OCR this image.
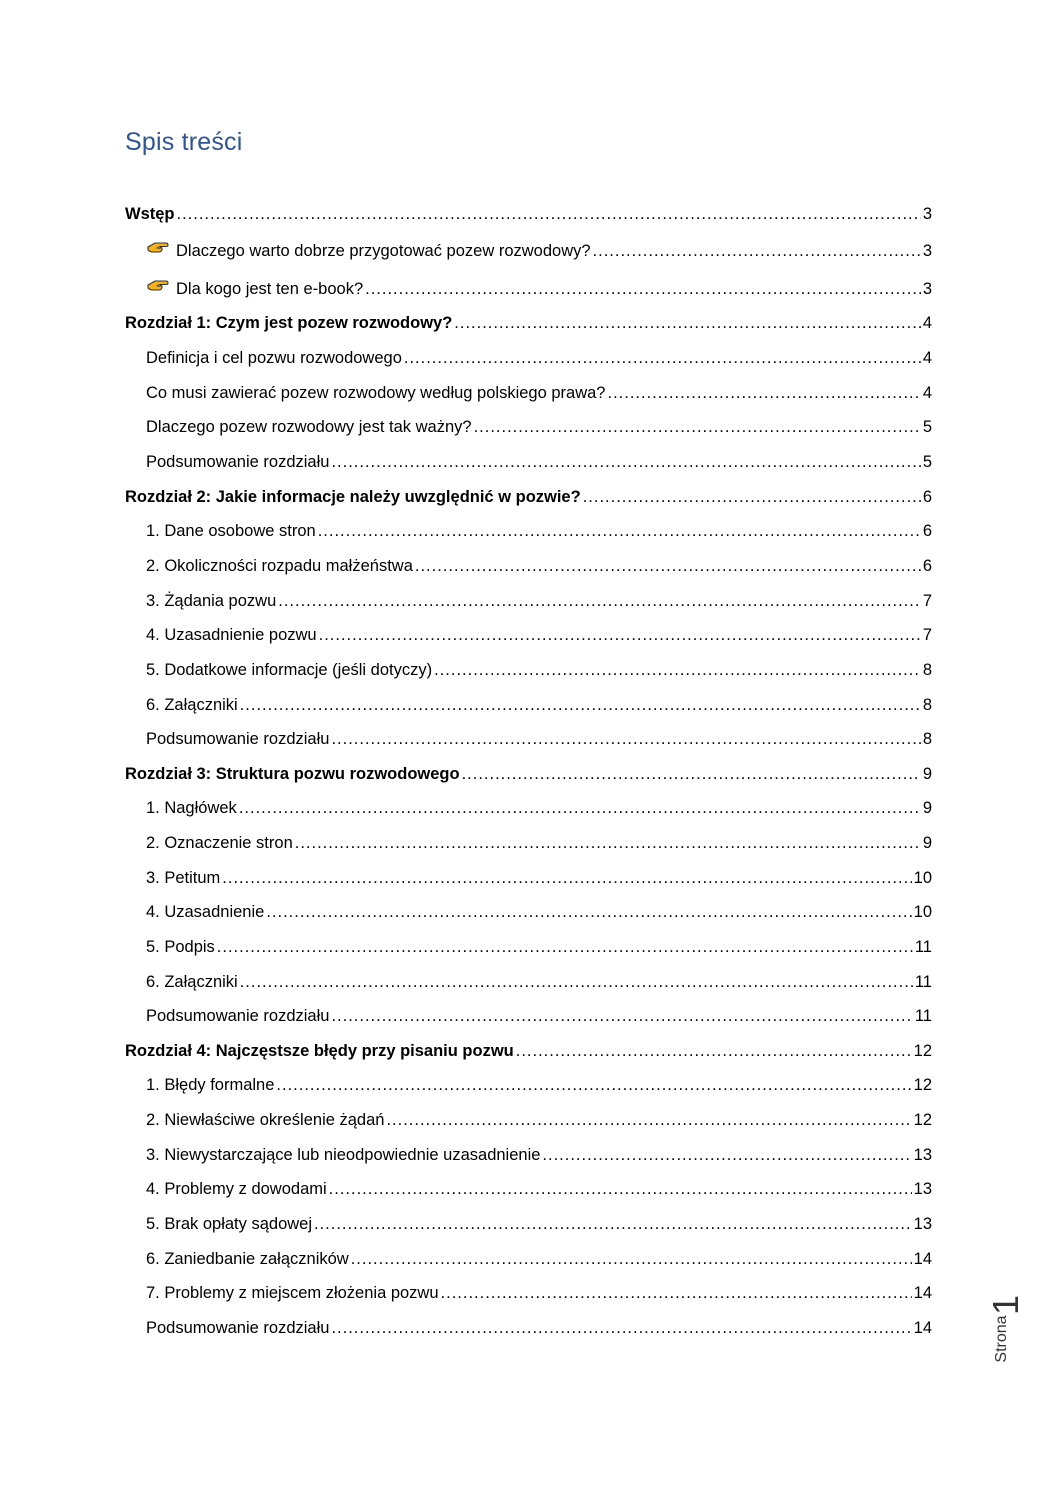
Spis treści
Wstęp .....	3
Dlaczego warto dobrze przygotować pozew rozwodowy? .....	3
Dla kogo jest ten e-book? .....	3
Rozdział 1: Czym jest pozew rozwodowy? .....	4
Definicja i cel pozwu rozwodowego .....	4
Co musi zawierać pozew rozwodowy według polskiego prawa? .....	4
Dlaczego pozew rozwodowy jest tak ważny? .....	5
Podsumowanie rozdziału .....	5
Rozdział 2: Jakie informacje należy uwzględnić w pozwie? .....	6
1. Dane osobowe stron .....	6
2. Okoliczności rozpadu małżeństwa .....	6
3. Żądania pozwu .....	7
4. Uzasadnienie pozwu .....	7
5. Dodatkowe informacje (jeśli dotyczy) .....	8
6. Załączniki .....	8
Podsumowanie rozdziału .....	8
Rozdział 3: Struktura pozwu rozwodowego .....	9
1. Nagłówek .....	9
2. Oznaczenie stron .....	9
3. Petitum .....	10
4. Uzasadnienie .....	10
5. Podpis .....	11
6. Załączniki .....	11
Podsumowanie rozdziału .....	11
Rozdział 4: Najczęstsze błędy przy pisaniu pozwu .....	12
1. Błędy formalne .....	12
2. Niewłaściwe określenie żądań .....	12
3. Niewystarczające lub nieodpowiednie uzasadnienie .....	13
4. Problemy z dowodami .....	13
5. Brak opłaty sądowej .....	13
6. Zaniedbanie załączników .....	14
7. Problemy z miejscem złożenia pozwu .....	14
Podsumowanie rozdziału .....	14	Strona
1
